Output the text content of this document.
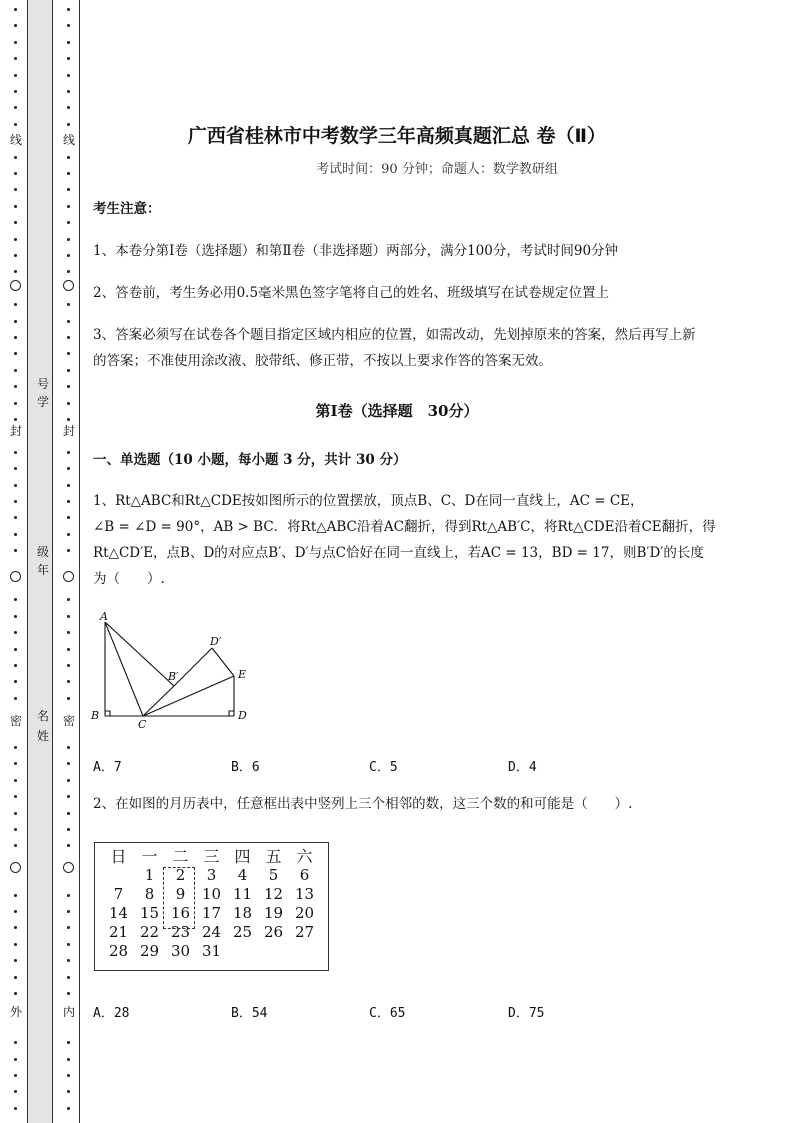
线
封
密
外
线
封
密
内
号
学
级
年
名
姓
广西省桂林市中考数学三年高频真题汇总 卷（Ⅱ）
考试时间：90 分钟；命题人：数学教研组
考生注意：
1、本卷分第Ⅰ卷（选择题）和第Ⅱ卷（非选择题）两部分，满分100分，考试时间90分钟
2、答卷前，考生务必用0.5毫米黑色签字笔将自己的姓名、班级填写在试卷规定位置上
3、答案必须写在试卷各个题目指定区域内相应的位置，如需改动，先划掉原来的答案，然后再写上新
的答案；不准使用涂改液、胶带纸、修正带，不按以上要求作答的答案无效。
第Ⅰ卷（选择题　30分）
一、单选题（10 小题，每小题 3 分，共计 30 分）
1、Rt△ABC和Rt△CDE按如图所示的位置摆放，顶点B、C、D在同一直线上，AC = CE，
∠B = ∠D = 90°，AB > BC．将Rt△ABC沿着AC翻折，得到Rt△AB′C，将Rt△CDE沿着CE翻折，得
Rt△CD′E，点B、D的对应点B′、D′与点C恰好在同一直线上，若AC = 13，BD = 17，则B′D′的长度
为（　　）.
A
B
C
D
E
B′
D′
A．7	B．6	C．5	D．4
2、在如图的月历表中，任意框出表中竖列上三个相邻的数，这三个数的和可能是（　　）.
日	一	二	三	四	五	六
	1	2	3	4	5	6
7	8	9	10	11	12	13
14	15	16	17	18	19	20
21	22	23	24	25	26	27
28	29	30	31			
A．28	B．54	C．65	D．75
